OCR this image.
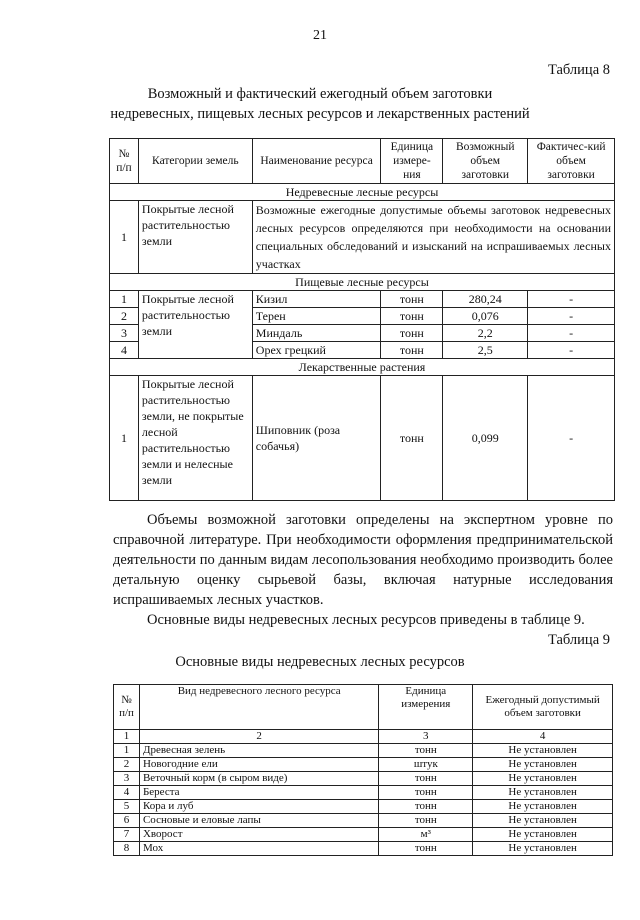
21
Таблица 8
Возможный и фактический ежегодный объем заготовки
недревесных, пищевых лесных ресурсов и лекарственных растений
№ п/п	Категории земель	Наименование ресурса	Единица измере-ния	Возможный объем заготовки	Фактичес-кий объем заготовки
Недревесные лесные ресурсы					
1	Покрытые лесной растительностью земли	Возможные ежегодные допустимые объемы заготовок недревесных лесных ресурсов определяются при необходимости на основании специальных обследований и изысканий на испрашиваемых лесных участках			
Пищевые лесные ресурсы					
1	Покрытые лесной растительностью земли	Кизил	тонн	280,24	-
2		Терен	тонн	0,076	-
3		Миндаль	тонн	2,2	-
4		Орех грецкий	тонн	2,5	-
Лекарственные растения					
1	Покрытые лесной растительностью земли, не покрытые лесной растительностью земли и нелесные земли	Шиповник (роза собачья)	тонн	0,099	-

Объемы возможной заготовки определены на экспертном уровне по справочной литературе. При необходимости оформления предпринимательской деятельности по данным видам лесопользования необходимо производить более детальную оценку сырьевой базы, включая натурные исследования испрашиваемых лесных участков.

Основные виды недревесных лесных ресурсов приведены в таблице 9.

Таблица 9
Основные виды недревесных лесных ресурсов
№ п/п	Вид недревесного лесного ресурса	Единица измерения	Ежегодный допустимый объем заготовки
1	2	3	4
1	Древесная зелень	тонн	Не установлен
2	Новогодние ели	штук	Не установлен
3	Веточный корм (в сыром виде)	тонн	Не установлен
4	Береста	тонн	Не установлен
5	Кора и луб	тонн	Не установлен
6	Сосновые и еловые лапы	тонн	Не установлен
7	Хворост	м³	Не установлен
8	Мох	тонн	Не установлен
